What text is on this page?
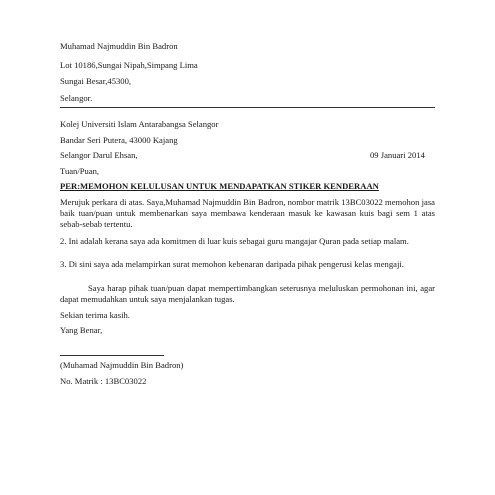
Muhamad Najmuddin Bin Badron
Lot 10186,Sungai Nipah,Simpang Lima
Sungai Besar,45300,
Selangor.
Kolej Universiti Islam Antarabangsa Selangor
Bandar Seri Putera, 43000 Kajang
Selangor Darul Ehsan,	09 Januari 2014
Tuan/Puan,
PER:MEMOHON KELULUSAN UNTUK MENDAPATKAN STIKER KENDERAAN
Merujuk perkara di atas. Saya,Muhamad Najmuddin Bin Badron, nombor matrik 13BC03022 memohon jasa baik tuan/puan untuk membenarkan saya membawa kenderaan masuk ke kawasan kuis bagi sem 1 atas sebab-sebab tertentu.
2. Ini adalah kerana saya ada komitmen di luar kuis sebagai guru mangajar Quran pada setiap malam.
3. Di sini saya ada melampirkan surat memohon kebenaran daripada pihak pengerusi kelas mengaji.
Saya harap pihak tuan/puan dapat mempertimbangkan seterusnya meluluskan permohonan ini, agar dapat memudahkan untuk saya menjalankan tugas.
Sekian terima kasih.
Yang Benar,
(Muhamad Najmuddin Bin Badron)
No. Matrik : 13BC03022
